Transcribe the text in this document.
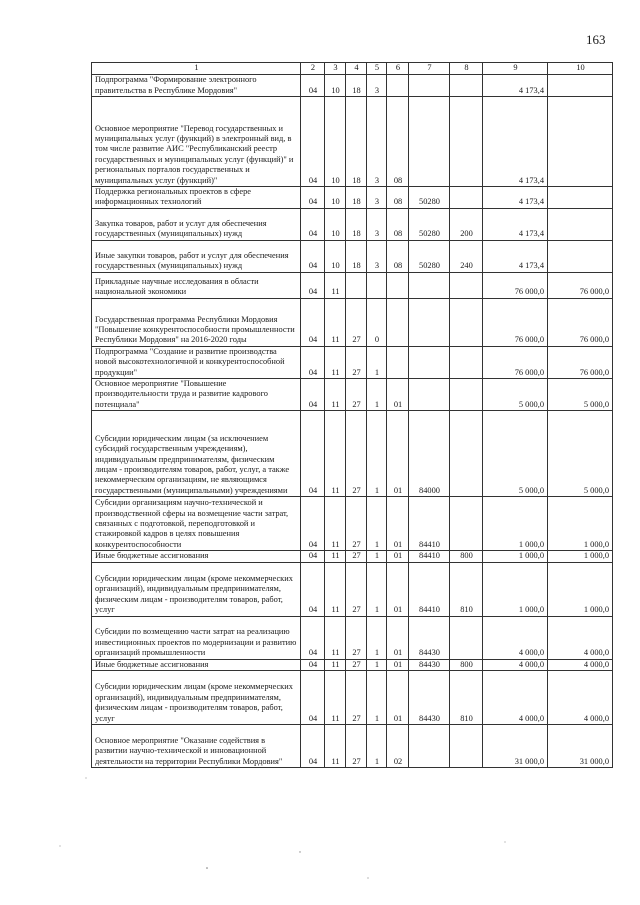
163
1	2	3	4	5	6	7	8	9	10
Подпрограмма "Формирование электронного правительства в Республике Мордовия"	04	10	18	3				4 173,4	
Основное мероприятие "Перевод государственных и муниципальных услуг (функций) в электронный вид, в том числе развитие АИС "Республиканский реестр государственных и муниципальных услуг (функций)" и региональных порталов государственных и муниципальных услуг (функций)"	04	10	18	3	08			4 173,4	
Поддержка региональных проектов в сфере информационных технологий	04	10	18	3	08	50280		4 173,4	
Закупка товаров, работ и услуг для обеспечения государственных (муниципальных) нужд	04	10	18	3	08	50280	200	4 173,4	
Иные закупки товаров, работ и услуг для обеспечения государственных (муниципальных) нужд	04	10	18	3	08	50280	240	4 173,4	
Прикладные научные исследования в области национальной экономики	04	11						76 000,0	76 000,0
Государственная программа Республики Мордовия "Повышение конкурентоспособности промышленности Республики Мордовия" на 2016-2020 годы	04	11	27	0				76 000,0	76 000,0
Подпрограмма "Создание и развитие производства новой высокотехнологичной и конкурентоспособной продукции"	04	11	27	1				76 000,0	76 000,0
Основное мероприятие "Повышение производительности труда и развитие кадрового потенциала"	04	11	27	1	01			5 000,0	5 000,0
Субсидии юридическим лицам (за исключением субсидий государственным учреждениям), индивидуальным предпринимателям, физическим лицам - производителям товаров, работ, услуг, а также некоммерческим организациям, не являющимся государственными (муниципальными) учреждениями	04	11	27	1	01	84000		5 000,0	5 000,0
Субсидии организациям научно-технической и производственной сферы на возмещение части затрат, связанных с подготовкой, переподготовкой и стажировкой кадров в целях повышения конкурентоспособности	04	11	27	1	01	84410		1 000,0	1 000,0
Иные бюджетные ассигнования	04	11	27	1	01	84410	800	1 000,0	1 000,0
Субсидии юридическим лицам (кроме некоммерческих организаций), индивидуальным предпринимателям, физическим лицам - производителям товаров, работ, услуг	04	11	27	1	01	84410	810	1 000,0	1 000,0
Субсидии по возмещению части затрат на реализацию инвестиционных проектов по модернизации и развитию организаций промышленности	04	11	27	1	01	84430		4 000,0	4 000,0
Иные бюджетные ассигнования	04	11	27	1	01	84430	800	4 000,0	4 000,0
Субсидии юридическим лицам (кроме некоммерческих организаций), индивидуальным предпринимателям, физическим лицам - производителям товаров, работ, услуг	04	11	27	1	01	84430	810	4 000,0	4 000,0
Основное мероприятие "Оказание содействия в развитии научно-технической и инновационной деятельности на территории Республики Мордовия"	04	11	27	1	02			31 000,0	31 000,0
